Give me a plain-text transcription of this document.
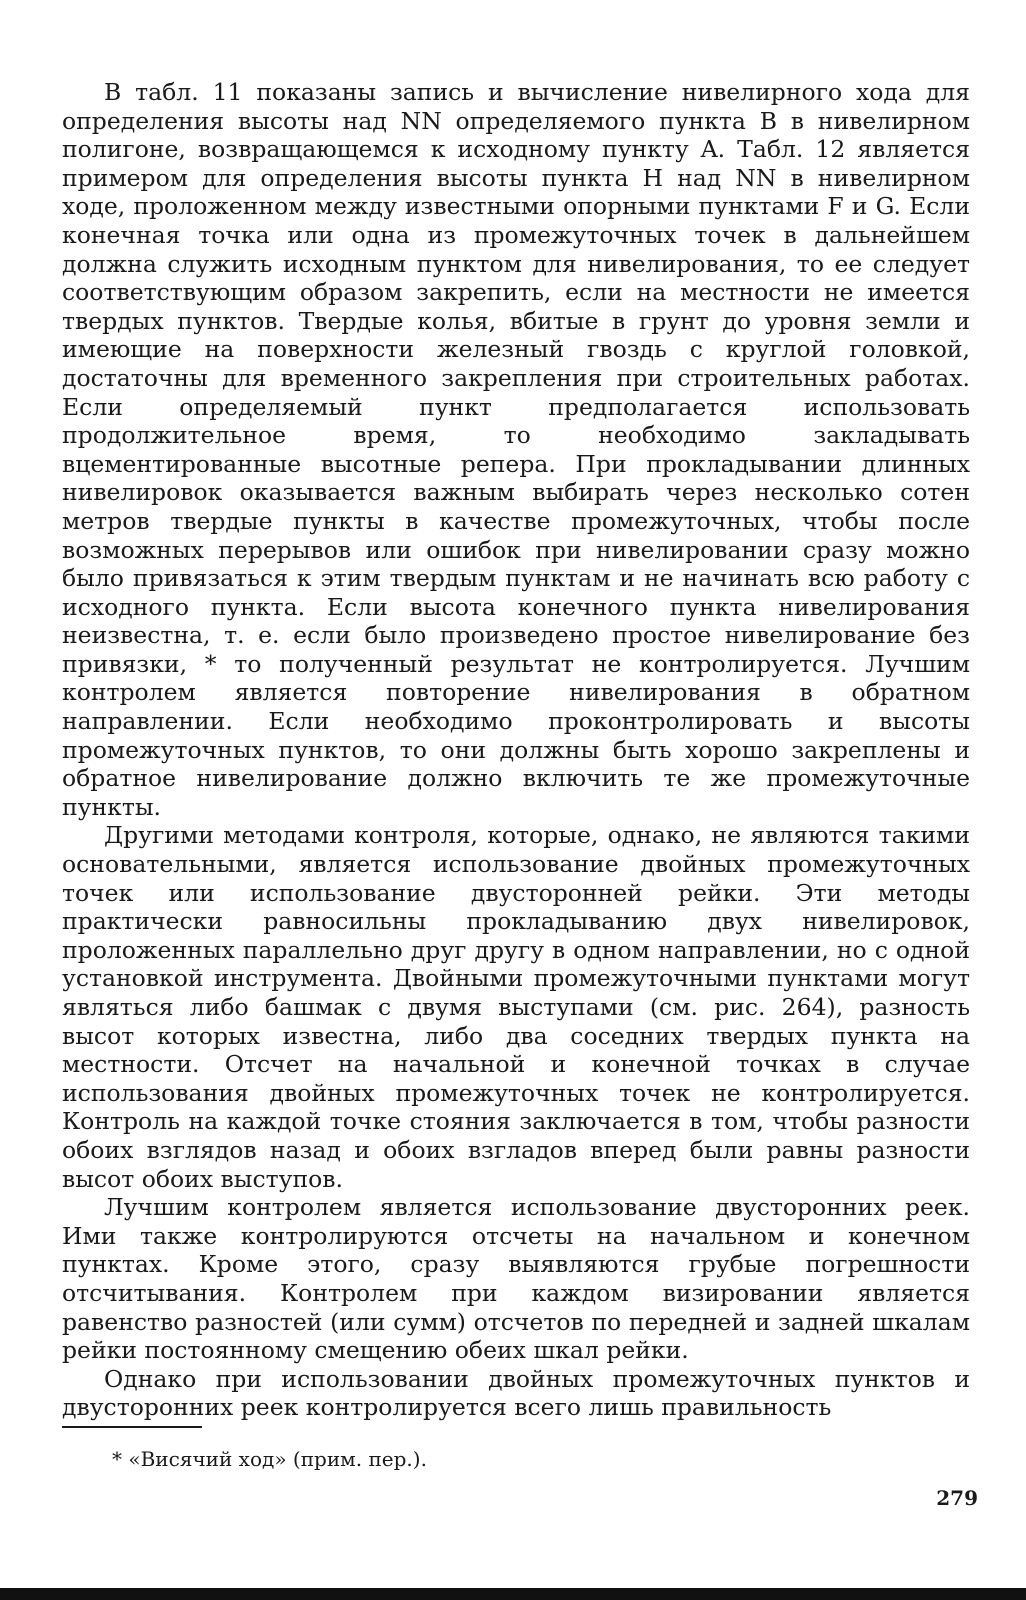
В табл. 11 показаны запись и вычисление нивелирного хода для определения высоты над NN определяемого пункта B в нивелирном полигоне, возвращающемся к исходному пункту A. Табл. 12 является примером для определения высоты пункта H над NN в нивелирном ходе, проложенном между известными опорными пунктами F и G. Если конечная точка или одна из промежуточных точек в дальнейшем должна служить исходным пунктом для нивелирования, то ее следует соответствующим образом закрепить, если на местности не имеется твердых пунктов. Твердые колья, вбитые в грунт до уровня земли и имеющие на поверхности железный гвоздь с круглой головкой, достаточны для временного закрепления при строительных работах. Если определяемый пункт предполагается использовать продолжительное время, то необходимо закладывать вцементированные высотные репера. При прокладывании длинных нивелировок оказывается важным выбирать через несколько сотен метров твердые пункты в качестве промежуточных, чтобы после возможных перерывов или ошибок при нивелировании сразу можно было привязаться к этим твердым пунктам и не начинать всю работу с исходного пункта. Если высота конечного пункта нивелирования неизвестна, т. е. если было произведено простое нивелирование без привязки, * то полученный результат не контролируется. Лучшим контролем является повторение нивелирования в обратном направлении. Если необходимо проконтролировать и высоты промежуточных пунктов, то они должны быть хорошо закреплены и обратное нивелирование должно включить те же промежуточные пункты.

Другими методами контроля, которые, однако, не являются такими основательными, является использование двойных промежуточных точек или использование двусторонней рейки. Эти методы практически равносильны прокладыванию двух нивелировок, проложенных параллельно друг другу в одном направлении, но с одной установкой инструмента. Двойными промежуточными пунктами могут являться либо башмак с двумя выступами (см. рис. 264), разность высот которых известна, либо два соседних твердых пункта на местности. Отсчет на начальной и конечной точках в случае использования двойных промежуточных точек не контролируется. Контроль на каждой точке стояния заключается в том, чтобы разности обоих взглядов назад и обоих взгладов вперед были равны разности высот обоих выступов.

Лучшим контролем является использование двусторонних реек. Ими также контролируются отсчеты на начальном и конечном пунктах. Кроме этого, сразу выявляются грубые погрешности отсчитывания. Контролем при каждом визировании является равенство разностей (или сумм) отсчетов по передней и задней шкалам рейки постоянному смещению обеих шкал рейки.

Однако при использовании двойных промежуточных пунктов и двусторонних реек контролируется всего лишь правильность

* «Висячий ход» (прим. пер.).
279
